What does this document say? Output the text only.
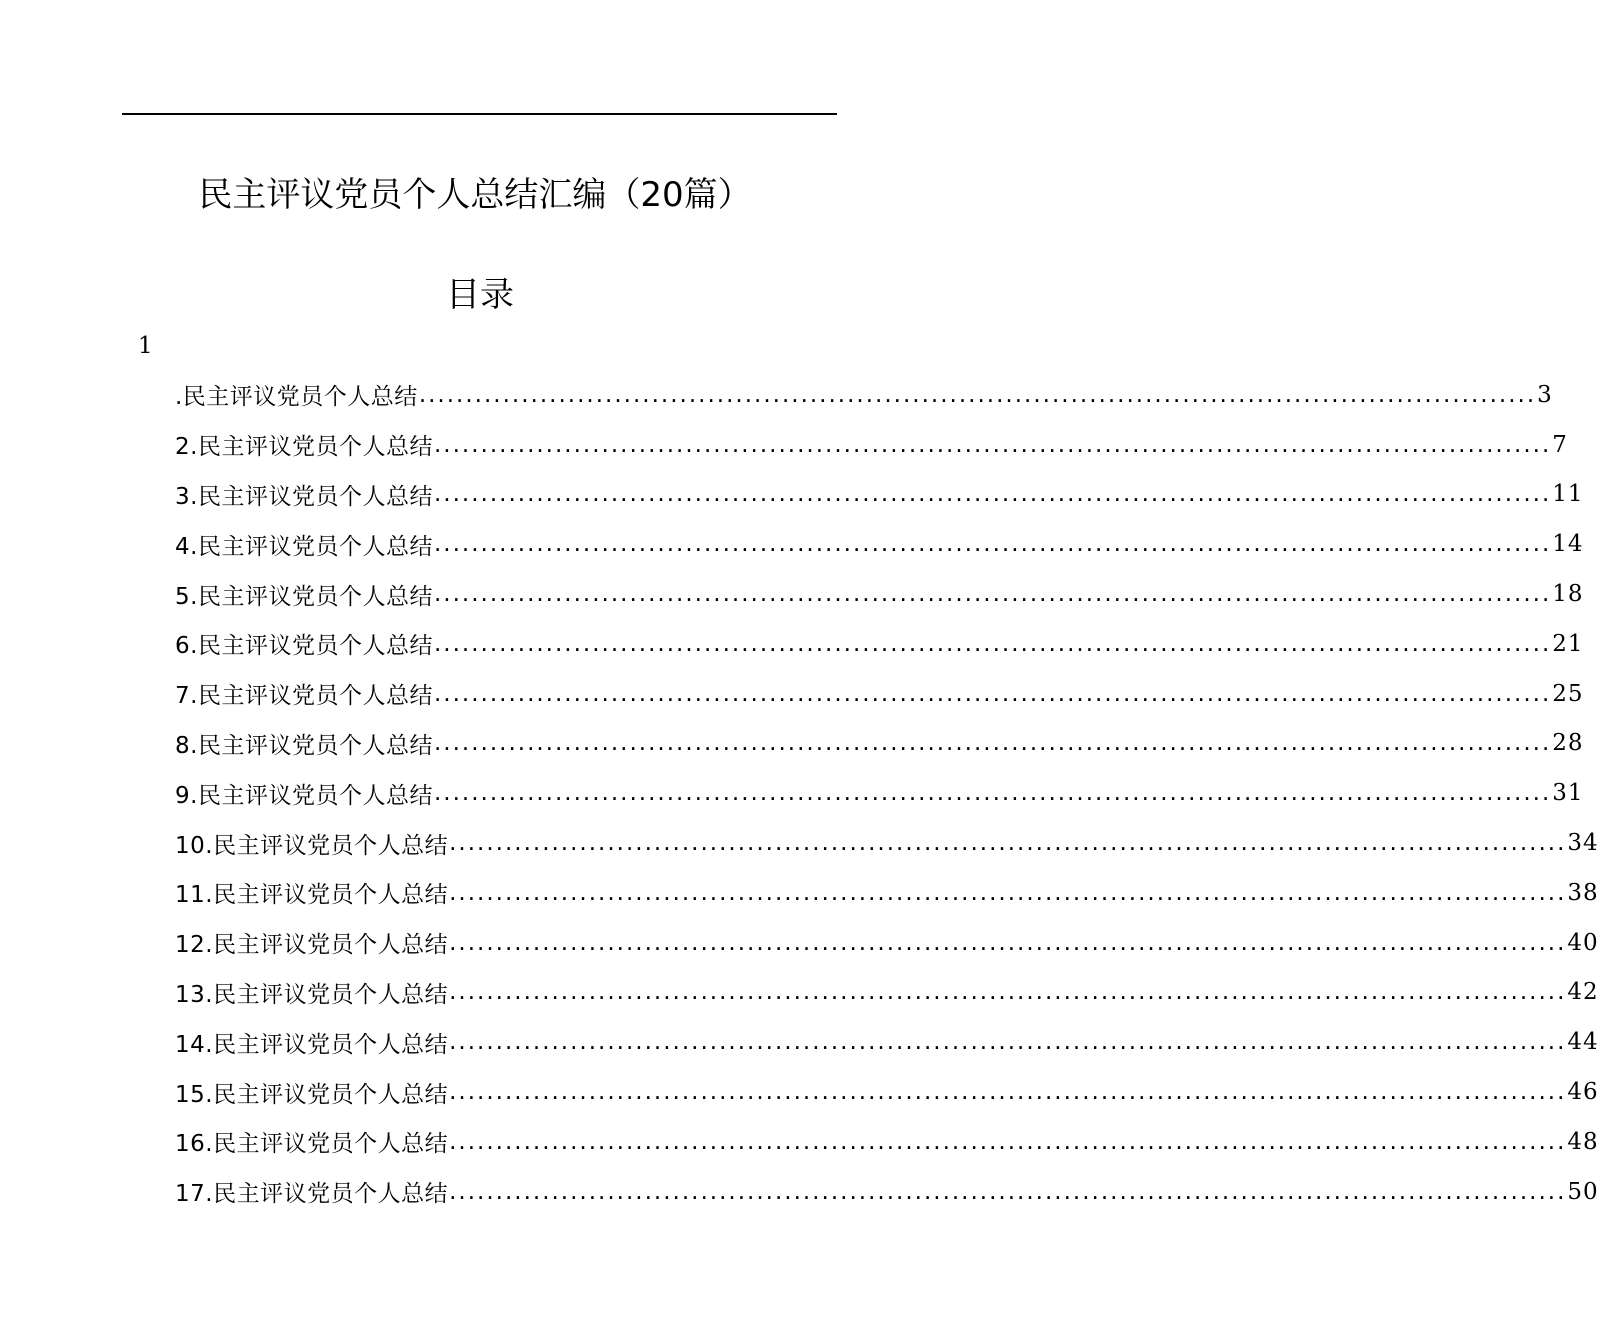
民主评议党员个人总结汇编（20篇）
目录
1
.民主评议党员个人总结 ........................................................................................................................ 3
2.民主评议党员个人总结 ........................................................................................................................ 7
3.民主评议党员个人总结 ........................................................................................................................ 11
4.民主评议党员个人总结 ........................................................................................................................ 14
5.民主评议党员个人总结 ........................................................................................................................ 18
6.民主评议党员个人总结 ........................................................................................................................ 21
7.民主评议党员个人总结 ........................................................................................................................ 25
8.民主评议党员个人总结 ........................................................................................................................ 28
9.民主评议党员个人总结 ........................................................................................................................ 31
10.民主评议党员个人总结 ........................................................................................................................ 34
11.民主评议党员个人总结 ........................................................................................................................ 38
12.民主评议党员个人总结 ........................................................................................................................ 40
13.民主评议党员个人总结 ........................................................................................................................ 42
14.民主评议党员个人总结 ........................................................................................................................ 44
15.民主评议党员个人总结 ........................................................................................................................ 46
16.民主评议党员个人总结 ........................................................................................................................ 48
17.民主评议党员个人总结 ........................................................................................................................ 50
